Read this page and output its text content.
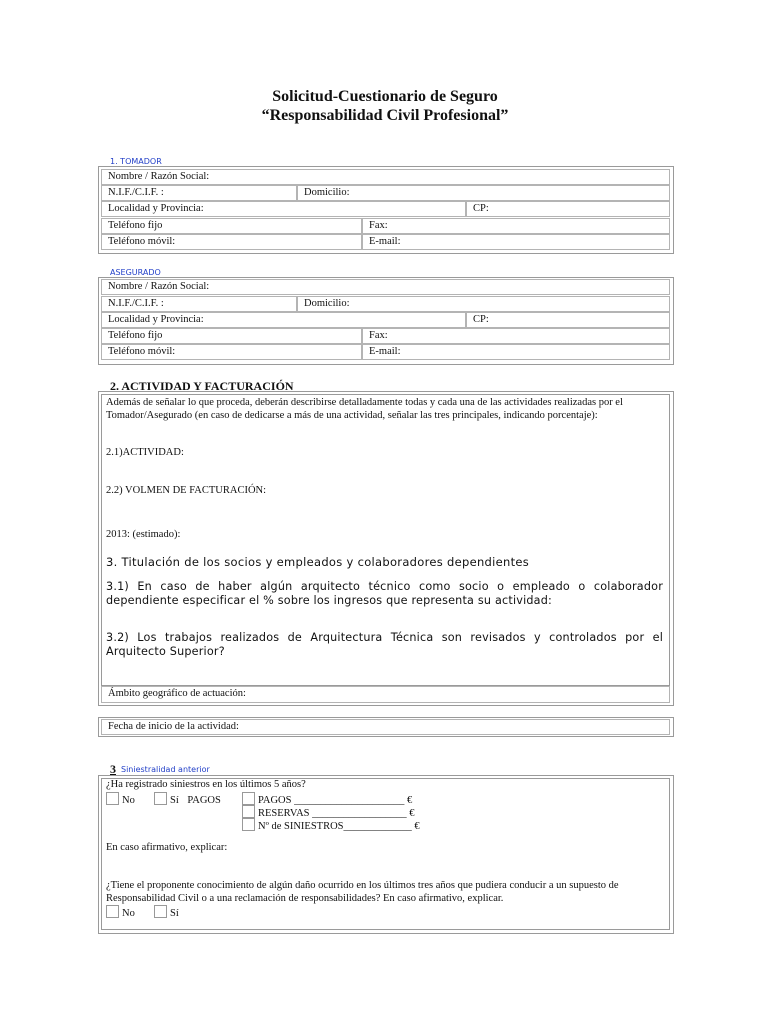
Solicitud-Cuestionario de Seguro
“Responsabilidad Civil Profesional”
1. TOMADOR
Nombre / Razón Social:
N.I.F./C.I.F. :	Domicilio:
Localidad y Provincia:	CP:
Teléfono fijo	Fax:
Teléfono móvil:	E-mail:
ASEGURADO
Nombre / Razón Social:
N.I.F./C.I.F. :	Domicilio:
Localidad y Provincia:	CP:
Teléfono fijo	Fax:
Teléfono móvil:	E-mail:
2. ACTIVIDAD Y FACTURACIÓN
Además de señalar lo que proceda, deberán describirse detalladamente todas y cada una de las actividades realizadas por el Tomador/Asegurado (en caso de dedicarse a más de una actividad, señalar las tres principales, indicando porcentaje):
2.1)ACTIVIDAD:
2.2) VOLMEN DE FACTURACIÓN:
2013: (estimado):
3. Titulación de los socios y empleados y colaboradores dependientes
3.1) En caso de haber algún arquitecto técnico como socio o empleado o colaborador dependiente especificar el % sobre los ingresos que representa su actividad:
3.2) Los trabajos realizados de Arquitectura Técnica son revisados y controlados por el Arquitecto Superior?
Ámbito geográfico de actuación:
Fecha de inicio de la actividad:
3 Siniestralidad anterior
¿Ha registrado siniestros en los últimos 5 años?
No	Sí PAGOS	PAGOS _____________________ €
RESERVAS __________________ €
Nº de SINIESTROS_____________ €
En caso afirmativo, explicar:
¿Tiene el proponente conocimiento de algún daño ocurrido en los últimos tres años que pudiera conducir a un supuesto de Responsabilidad Civil o a una reclamación de responsabilidades? En caso afirmativo, explicar.
No	Sí
